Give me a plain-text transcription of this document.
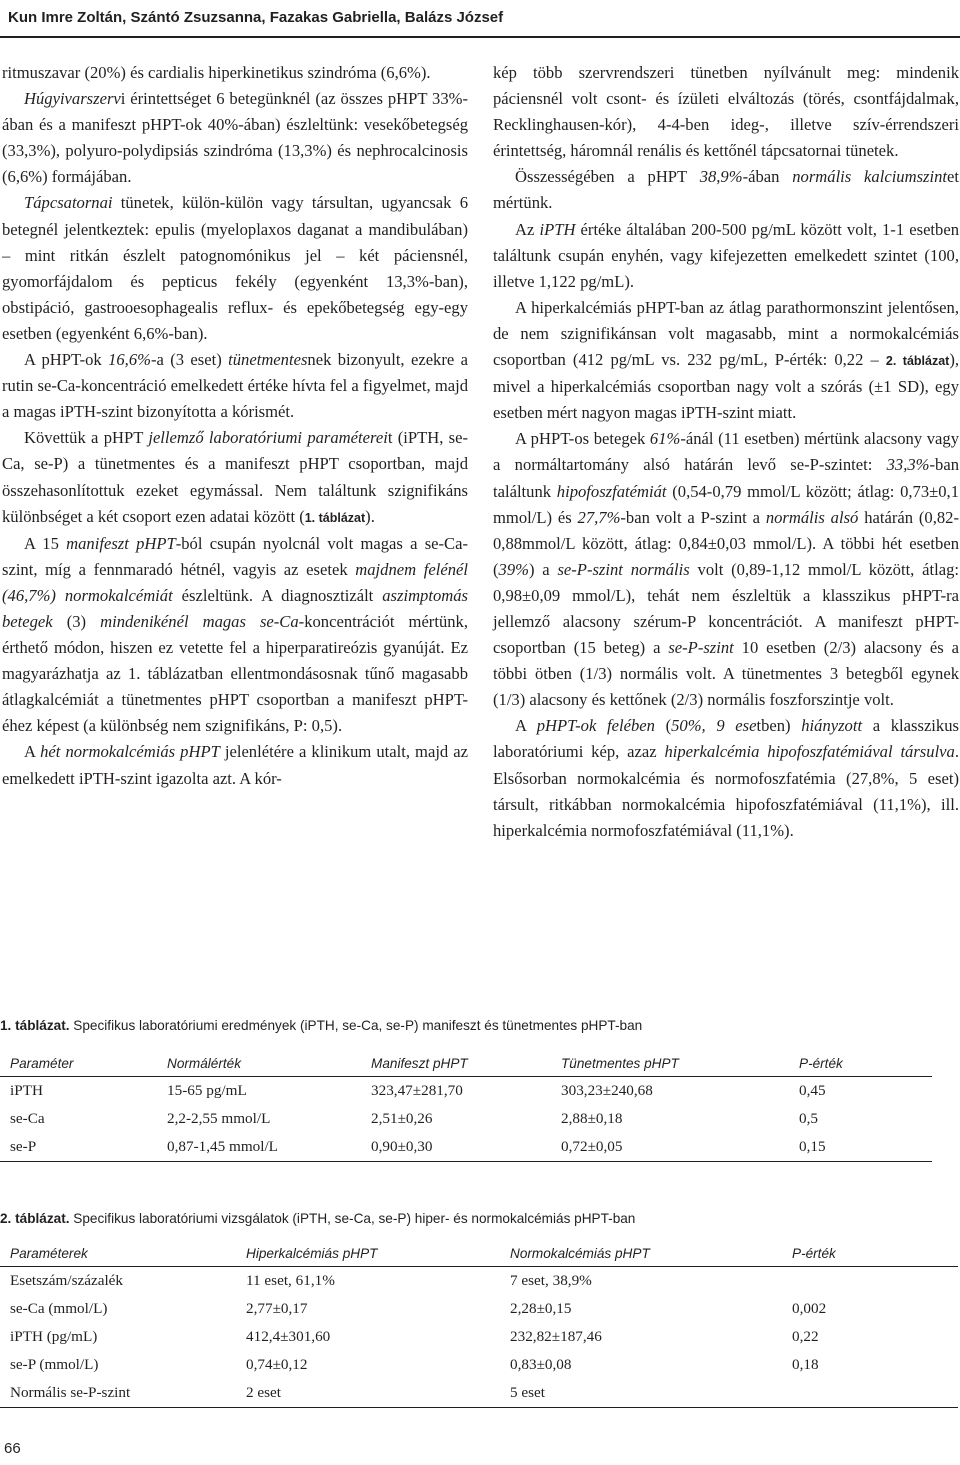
Kun Imre Zoltán, Szántó Zsuzsanna, Fazakas Gabriella, Balázs József

ritmuszavar (20%) és cardialis hiperkinetikus szindróma (6,6%).

Húgyivarszervi érintettséget 6 betegünknél (az összes pHPT 33%-ában és a manifeszt pHPT-ok 40%-ában) észleltünk: vesekőbetegség (33,3%), polyuro-polydipsiás szindróma (13,3%) és nephrocalcinosis (6,6%) formájában.

Tápcsatornai tünetek, külön-külön vagy társultan, ugyancsak 6 betegnél jelentkeztek: epulis (myeloplaxos daganat a mandibulában) – mint ritkán észlelt patognomónikus jel – két páciensnél, gyomorfájdalom és pepticus fekély (egyenként 13,3%-ban), obstipáció, gastrooesophagealis reflux- és epekőbetegség egy-egy esetben (egyenként 6,6%-ban).

A pHPT-ok 16,6%-a (3 eset) tünetmentesnek bizonyult, ezekre a rutin se-Ca-koncentráció emelkedett értéke hívta fel a figyelmet, majd a magas iPTH-szint bizonyította a kórismét.

Követtük a pHPT jellemző laboratóriumi paramétereit (iPTH, se-Ca, se-P) a tünetmentes és a manifeszt pHPT csoportban, majd összehasonlítottuk ezeket egymással. Nem találtunk szignifikáns különbséget a két csoport ezen adatai között (1. táblázat).

A 15 manifeszt pHPT-ból csupán nyolcnál volt magas a se-Ca-szint, míg a fennmaradó hétnél, vagyis az esetek majdnem felénél (46,7%) normokalcémiát észleltünk. A diagnosztizált aszimptomás betegek (3) mindenikénél magas se-Ca-koncentrációt mértünk, érthető módon, hiszen ez vetette fel a hiperparatireózis gyanúját. Ez magyarázhatja az 1. táblázatban ellentmondásosnak tűnő magasabb átlagkalcémiát a tünetmentes pHPT csoportban a manifeszt pHPT-éhez képest (a különbség nem szignifikáns, P: 0,5).

A hét normokalcémiás pHPT jelenlétére a klinikum utalt, majd az emelkedett iPTH-szint igazolta azt. A kór-

kép több szervrendszeri tünetben nyílvánult meg: mindenik páciensnél volt csont- és ízületi elváltozás (törés, csontfájdalmak, Recklinghausen-kór), 4-4-ben ideg-, illetve szív-érrendszeri érintettség, háromnál renális és kettőnél tápcsatornai tünetek.

Összességében a pHPT 38,9%-ában normális kalciumszintet mértünk.

Az iPTH értéke általában 200-500 pg/mL között volt, 1-1 esetben találtunk csupán enyhén, vagy kifejezetten emelkedett szintet (100, illetve 1,122 pg/mL).

A hiperkalcémiás pHPT-ban az átlag parathormonszint jelentősen, de nem szignifikánsan volt magasabb, mint a normokalcémiás csoportban (412 pg/mL vs. 232 pg/mL, P-érték: 0,22 – 2. táblázat), mivel a hiperkalcémiás csoportban nagy volt a szórás (±1 SD), egy esetben mért nagyon magas iPTH-szint miatt.

A pHPT-os betegek 61%-ánál (11 esetben) mértünk alacsony vagy a normáltartomány alsó határán levő se-P-szintet: 33,3%-ban találtunk hipofoszfatémiát (0,54-0,79 mmol/L között; átlag: 0,73±0,1 mmol/L) és 27,7%-ban volt a P-szint a normális alsó határán (0,82-0,88mmol/L között, átlag: 0,84±0,03 mmol/L). A többi hét esetben (39%) a se-P-szint normális volt (0,89-1,12 mmol/L között, átlag: 0,98±0,09 mmol/L), tehát nem észleltük a klasszikus pHPT-ra jellemző alacsony szérum-P koncentrációt. A manifeszt pHPT-csoportban (15 beteg) a se-P-szint 10 esetben (2/3) alacsony és a többi ötben (1/3) normális volt. A tünetmentes 3 betegből egynek (1/3) alacsony és kettőnek (2/3) normális foszforszintje volt.

A pHPT-ok felében (50%, 9 esetben) hiányzott a klasszikus laboratóriumi kép, azaz hiperkalcémia hipofoszfatémiával társulva. Elsősorban normokalcémia és normofoszfatémia (27,8%, 5 eset) társult, ritkábban normokalcémia hipofoszfatémiával (11,1%), ill. hiperkalcémia normofoszfatémiával (11,1%).

1. táblázat. Specifikus laboratóriumi eredmények (iPTH, se-Ca, se-P) manifeszt és tünetmentes pHPT-ban
Paraméter	Normálérték	Manifeszt pHPT	Tünetmentes pHPT	P-érték
iPTH	15-65 pg/mL	323,47±281,70	303,23±240,68	0,45
se-Ca	2,2-2,55 mmol/L	2,51±0,26	2,88±0,18	0,5
se-P	0,87-1,45 mmol/L	0,90±0,30	0,72±0,05	0,15
2. táblázat. Specifikus laboratóriumi vizsgálatok (iPTH, se-Ca, se-P) hiper- és normokalcémiás pHPT-ban
Paraméterek	Hiperkalcémiás pHPT	Normokalcémiás pHPT	P-érték
Esetszám/százalék	11 eset, 61,1%	7 eset, 38,9%	
se-Ca (mmol/L)	2,77±0,17	2,28±0,15	0,002
iPTH (pg/mL)	412,4±301,60	232,82±187,46	0,22
se-P (mmol/L)	0,74±0,12	0,83±0,08	0,18
Normális se-P-szint	2 eset	5 eset	
66
